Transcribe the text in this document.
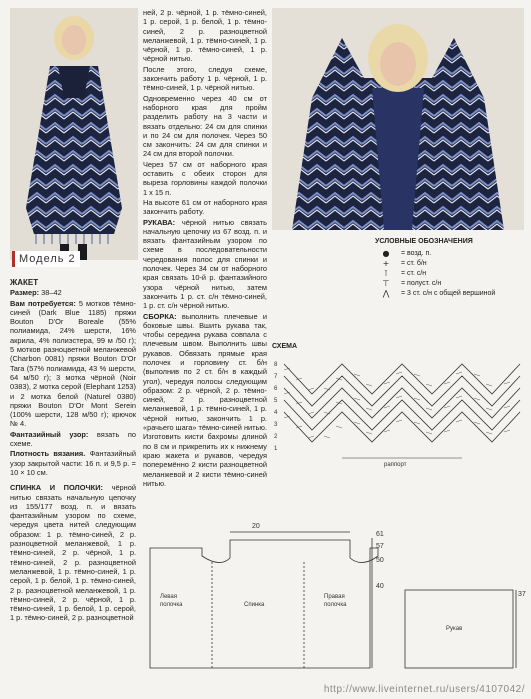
Модель 2

ЖАКЕТ

Размер: 38–42

Вам потребуется: 5 мотков тёмно-синей (Dark Blue 1185) пряжи Bouton D'Or Boreale (55% полиамида, 24% шерсти, 16% акрила, 4% полиэстера, 99 м /50 г); 5 мотков разноцветной меланжевой (Charbon 0081) пряжи Bouton D'Or Tara (57% полиамида, 43 % шерсти, 64 м/50 г); 3 мотка чёрной (Noir 0383), 2 мотка серой (Elephant 1253) и 2 мотка белой (Naturel 0380) пряжи Bouton D'Or Mont Serein (100% шерсти, 128 м/50 г); крючок № 4.

Фантазийный узор: вязать по схеме.

Плотность вязания. Фантазийный узор закрытой части: 16 п. и 9,5 р. = 10 × 10 см.

СПИНКА И ПОЛОЧКИ: чёрной нитью связать начальную цепочку из 155/177 возд. п. и вязать фантазийным узором по схеме, чередуя цвета нитей следующим образом: 1 р. тёмно-синей, 2 р. разноцветной меланжевой, 1 р. тёмно-синей, 2 р. чёрной, 1 р. тёмно-синей, 2 р. разноцветной меланжевой, 1 р. тёмно-синей, 1 р. серой, 1 р. белой, 1 р. тёмно-синей, 2 р. разноцветной меланжевой, 1 р. тёмно-синей, 2 р. чёрной, 1 р. тёмно-синей, 1 р. белой, 1 р. серой, 1 р. тёмно-синей, 2 р. разноцветной

ней, 2 р. чёрной, 1 р. тёмно-синей, 1 р. серой, 1 р. белой, 1 р. тёмно-синей, 2 р. разноцветной меланжевой, 1 р. тёмно-синей, 1 р. чёрной, 1 р. тёмно-синей, 1 р. чёрной нитью.

После этого, следуя схеме, закончить работу 1 р. чёрной, 1 р. тёмно-синей, 1 р. чёрной нитью.

Одновременно через 40 см от наборного края для пройм разделить работу на 3 части и вязать отдельно: 24 см для спинки и по 24 см для полочек. Через 50 см закончить: 24 см для спинки и 24 см для второй полочки.

Через 57 см от наборного края оставить с обеих сторон для выреза горловины каждой полочки 1 х 15 п.

На высоте 61 см от наборного края закончить работу.

РУКАВА: чёрной нитью связать начальную цепочку из 67 возд. п. и вязать фантазийным узором по схеме в последовательности чередования полос для спинки и полочек. Через 34 см от наборного края связать 10-й р. фантазийного узора чёрной нитью, затем закончить 1 р. ст. с/н тёмно-синей, 1 р. ст. с/н чёрной нитью.

СБОРКА: выполнить плечевые и боковые швы. Вшить рукава так, чтобы середина рукава совпала с плечевым швом. Выполнить швы рукавов. Обвязать прямые края полочек и горловину ст. б/н (выполнив по 2 ст. б/н в каждый угол), чередуя полосы следующим образом: 2 р. чёрной, 2 р. тёмно-синей, 2 р. разноцветной меланжевой, 1 р. тёмно-синей, 1 р. чёрной нитью, закончить 1 р. «рачьего шага» тёмно-синей нитью. Изготовить кисти бахромы длиной по 8 см и прикрепить их к нижнему краю жакета и рукавов, чередуя поперемённо 2 кисти разноцветной меланжевой и 2 кисти тёмно-синей нитью.

УСЛОВНЫЕ ОБОЗНАЧЕНИЯ
●	= возд. п.
+	= ст. б/н
⊺	= ст. с/н
⊤	= полуст. с/н
⋀	= 3 ст. с/н с общей вершиной
СХЕМА
8
7
6
5
4
3
2
1
раппорт
20
61
57
50
40
37
Левая
полочка	Спинка
Правая
полочка
Рукав
http://www.liveinternet.ru/users/4107042/
